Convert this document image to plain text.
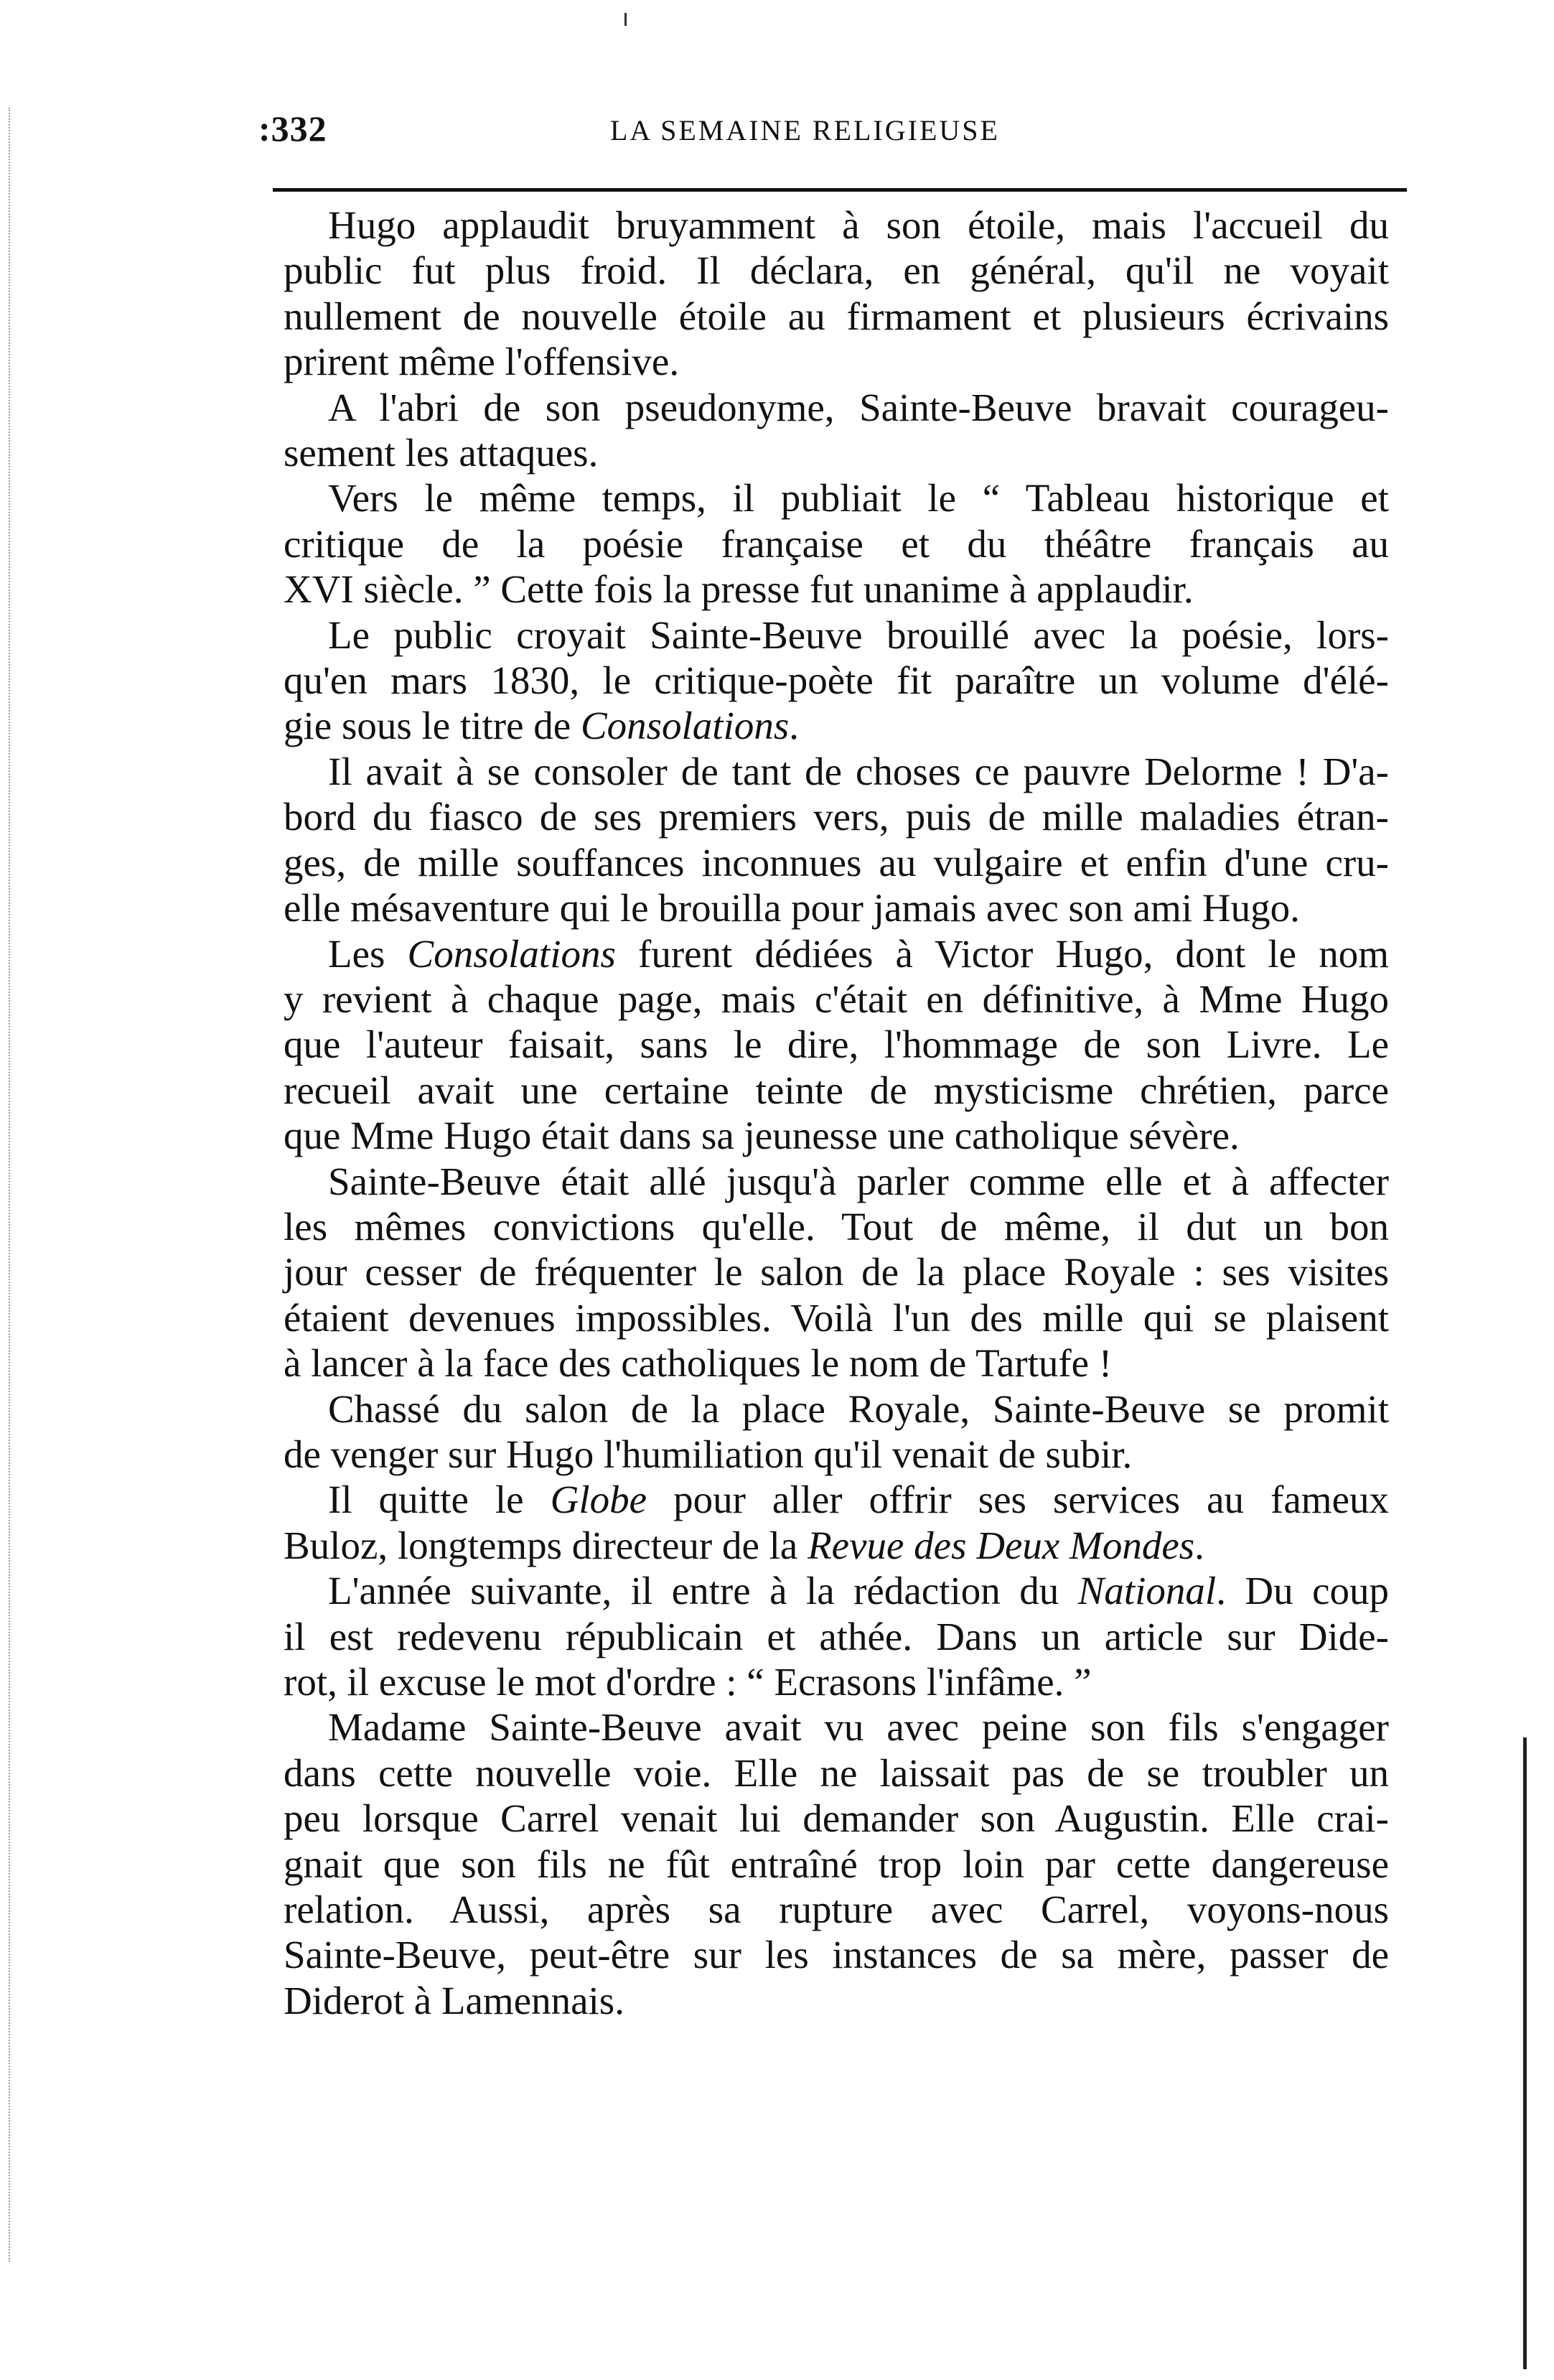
:332	LA SEMAINE RELIGIEUSE
Hugo applaudit bruyamment à son étoile, mais l'accueil du
public fut plus froid. Il déclara, en général, qu'il ne voyait
nullement de nouvelle étoile au firmament et plusieurs écrivains
prirent même l'offensive.
A l'abri de son pseudonyme, Sainte-Beuve bravait courageu-
sement les attaques.
Vers le même temps, il publiait le “ Tableau historique et
critique de la poésie française et du théâtre français au
XVI siècle. ” Cette fois la presse fut unanime à applaudir.
Le public croyait Sainte-Beuve brouillé avec la poésie, lors-
qu'en mars 1830, le critique-poète fit paraître un volume d'élé-
gie sous le titre de Consolations.
Il avait à se consoler de tant de choses ce pauvre Delorme ! D'a-
bord du fiasco de ses premiers vers, puis de mille maladies étran-
ges, de mille souffances inconnues au vulgaire et enfin d'une cru-
elle mésaventure qui le brouilla pour jamais avec son ami Hugo.
Les Consolations furent dédiées à Victor Hugo, dont le nom
y revient à chaque page, mais c'était en définitive, à Mme Hugo
que l'auteur faisait, sans le dire, l'hommage de son Livre. Le
recueil avait une certaine teinte de mysticisme chrétien, parce
que Mme Hugo était dans sa jeunesse une catholique sévère.
Sainte-Beuve était allé jusqu'à parler comme elle et à affecter
les mêmes convictions qu'elle. Tout de même, il dut un bon
jour cesser de fréquenter le salon de la place Royale : ses visites
étaient devenues impossibles. Voilà l'un des mille qui se plaisent
à lancer à la face des catholiques le nom de Tartufe !
Chassé du salon de la place Royale, Sainte-Beuve se promit
de venger sur Hugo l'humiliation qu'il venait de subir.
Il quitte le Globe pour aller offrir ses services au fameux
Buloz, longtemps directeur de la Revue des Deux Mondes.
L'année suivante, il entre à la rédaction du National. Du coup
il est redevenu républicain et athée. Dans un article sur Dide-
rot, il excuse le mot d'ordre : “ Ecrasons l'infâme. ”
Madame Sainte-Beuve avait vu avec peine son fils s'engager
dans cette nouvelle voie. Elle ne laissait pas de se troubler un
peu lorsque Carrel venait lui demander son Augustin. Elle crai-
gnait que son fils ne fût entraîné trop loin par cette dangereuse
relation. Aussi, après sa rupture avec Carrel, voyons-nous
Sainte-Beuve, peut-être sur les instances de sa mère, passer de
Diderot à Lamennais.
